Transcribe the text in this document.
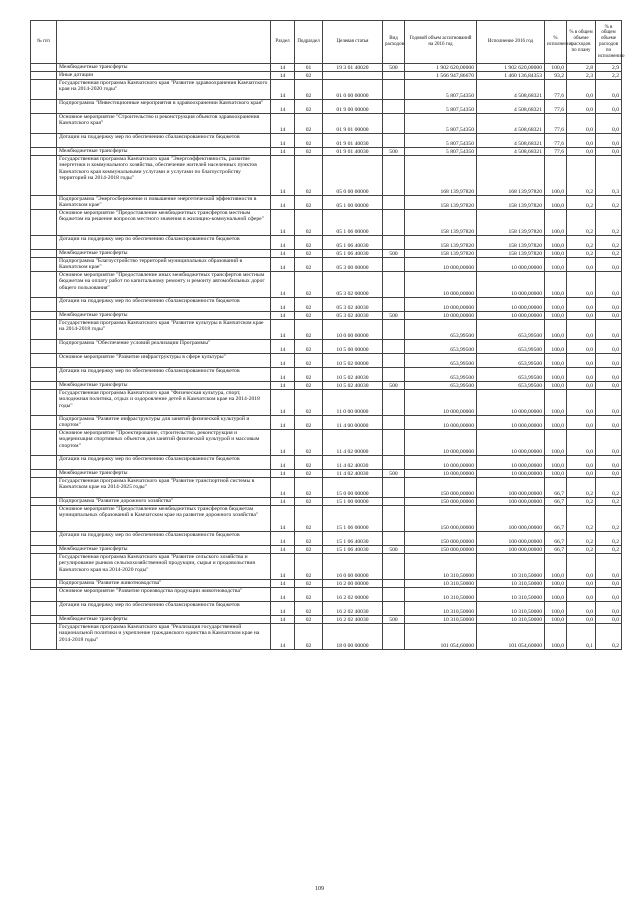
№ п/п		Раздел	Подраздел	Целевая статья	Вид расходов	Годовой объем ассигнований на 2016 год	Исполнение 2016 год	% исполнения	% в общем объеме расходов по плану	% в общем объеме расходов по исполнению
	Межбюджетные трансферты	14	01	19 3 01 40020	500	1 902 620,00000	1 902 620,00000	100,0	2,8	2,9
	Иные дотации	14	02			1 566 947,86670	1 460 136,84353	93,2	2,3	2,2
	Государственная программа Камчатского края "Развитие здравоохранения Камчатского края на 2014-2020 годы"	14	02	01 0 00 00000		5 807,54350	4 508,68321	77,6	0,0	0,0
	Подпрограмма "Инвестиционные мероприятия в здравоохранении Камчатского края"	14	02	01 9 00 00000		5 807,54350	4 508,68321	77,6	0,0	0,0
	Основное мероприятие "Строительство и реконструкция объектов здравоохранения Камчатского края"	14	02	01 9 01 00000		5 807,54350	4 508,68321	77,6	0,0	0,0
	Дотации на поддержку мер по обеспечению сбалансированности бюджетов	14	02	01 9 01 40030		5 807,54350	4 508,68321	77,6	0,0	0,0
	Межбюджетные трансферты	14	02	01 9 01 40030	500	5 807,54350	4 508,68321	77,6	0,0	0,0
	Государственная программа Камчатского края "Энергоэффективность, развитие энергетики и коммунального хозяйства, обеспечение жителей населенных пунктов Камчатского края коммунальными услугами и услугами по благоустройству территорий на 2014-2018 годы"	14	02	05 0 00 00000		168 139,97820	168 139,97820	100,0	0,2	0,3
	Подпрограмма "Энергосбережение и повышение энергетической эффективности в Камчатском крае"	14	02	05 1 00 00000		158 139,97820	158 139,97820	100,0	0,2	0,2
	Основное мероприятие "Предоставление межбюджетных трансфертов местным бюджетам на решение вопросов местного значения в жилищно-коммунальной сфере"	14	02	05 1 06 00000		158 139,97820	158 139,97820	100,0	0,2	0,2
	Дотации на поддержку мер по обеспечению сбалансированности бюджетов	14	02	05 1 06 40030		158 139,97820	158 139,97820	100,0	0,2	0,2
	Межбюджетные трансферты	14	02	05 1 06 40030	500	158 139,97820	158 139,97820	100,0	0,2	0,2
	Подпрограмма "Благоустройство территорий муниципальных образований в Камчатском крае"	14	02	05 3 00 00000		10 000,00000	10 000,00000	100,0	0,0	0,0
	Основное мероприятие "Предоставление иных межбюджетных трансфертов местным бюджетам на оплату работ по капитальному ремонту и ремонту автомобильных дорог общего пользования"	14	02	05 3 02 00000		10 000,00000	10 000,00000	100,0	0,0	0,0
	Дотации на поддержку мер по обеспечению сбалансированности бюджетов	14	02	05 3 02 40030		10 000,00000	10 000,00000	100,0	0,0	0,0
	Межбюджетные трансферты	14	02	05 3 02 40030	500	10 000,00000	10 000,00000	100,0	0,0	0,0
	Государственная программа Камчатского края "Развитие культуры в Камчатском крае на 2014-2018 годы"	14	02	10 0 00 00000		653,99500	653,99500	100,0	0,0	0,0
	Подпрограмма "Обеспечение условий реализации Программы"	14	02	10 5 00 00000		653,99500	653,99500	100,0	0,0	0,0
	Основное мероприятие "Развитие инфраструктуры в сфере культуры"	14	02	10 5 02 00000		653,99500	653,99500	100,0	0,0	0,0
	Дотации на поддержку мер по обеспечению сбалансированности бюджетов	14	02	10 5 02 40030		653,99500	653,99500	100,0	0,0	0,0
	Межбюджетные трансферты	14	02	10 5 02 40030	500	653,99500	653,99500	100,0	0,0	0,0
	Государственная программа Камчатского края "Физическая культура, спорт, молодежная политика, отдых и оздоровление детей в Камчатском крае на 2014-2018 годы"	14	02	11 0 00 00000		10 000,00000	10 000,00000	100,0	0,0	0,0
	Подпрограмма "Развитие инфраструктуры для занятий физической культурой и спортом"	14	02	11 4 00 00000		10 000,00000	10 000,00000	100,0	0,0	0,0
	Основное мероприятие "Проектирование, строительство, реконструкция и модернизация спортивных объектов для занятий физической культурой и массовым спортом"	14	02	11 4 02 00000		10 000,00000	10 000,00000	100,0	0,0	0,0
	Дотации на поддержку мер по обеспечению сбалансированности бюджетов	14	02	11 4 02 40030		10 000,00000	10 000,00000	100,0	0,0	0,0
	Межбюджетные трансферты	14	02	11 4 02 40030	500	10 000,00000	10 000,00000	100,0	0,0	0,0
	Государственная программа Камчатского края "Развитие транспортной системы в Камчатском крае на 2014-2025 годы"	14	02	15 0 00 00000		150 000,00000	100 000,00000	66,7	0,2	0,2
	Подпрограмма "Развитие дорожного хозяйства"	14	02	15 1 00 00000		150 000,00000	100 000,00000	66,7	0,2	0,2
	Основное мероприятие "Предоставление межбюджетных трансфертов бюджетам муниципальных образований в Камчатском крае на развитие дорожного хозяйства"	14	02	15 1 06 00000		150 000,00000	100 000,00000	66,7	0,2	0,2
	Дотации на поддержку мер по обеспечению сбалансированности бюджетов	14	02	15 1 06 40030		150 000,00000	100 000,00000	66,7	0,2	0,2
	Межбюджетные трансферты	14	02	15 1 06 40030	500	150 000,00000	100 000,00000	66,7	0,2	0,2
	Государственная программа Камчатского края "Развитие сельского хозяйства и регулирование рынков сельскохозяйственной продукции, сырья и продовольствия Камчатского края на 2014-2020 годы"	14	02	16 0 00 00000		10 310,50000	10 310,50000	100,0	0,0	0,0
	Подпрограмма "Развитие животноводства"	14	02	16 2 00 00000		10 310,50000	10 310,50000	100,0	0,0	0,0
	Основное мероприятие "Развитие производства продукции животноводства"	14	02	16 2 02 00000		10 310,50000	10 310,50000	100,0	0,0	0,0
	Дотации на поддержку мер по обеспечению сбалансированности бюджетов	14	02	16 2 02 40030		10 310,50000	10 310,50000	100,0	0,0	0,0
	Межбюджетные трансферты	14	02	16 2 02 40030	500	10 310,50000	10 310,50000	100,0	0,0	0,0
	Государственная программа Камчатского края "Реализация государственной национальной политики и укрепление гражданского единства в Камчатском крае на 2014-2018 годы"	14	02	18 0 00 00000		101 054,60000	101 054,60000	100,0	0,1	0,2
109
